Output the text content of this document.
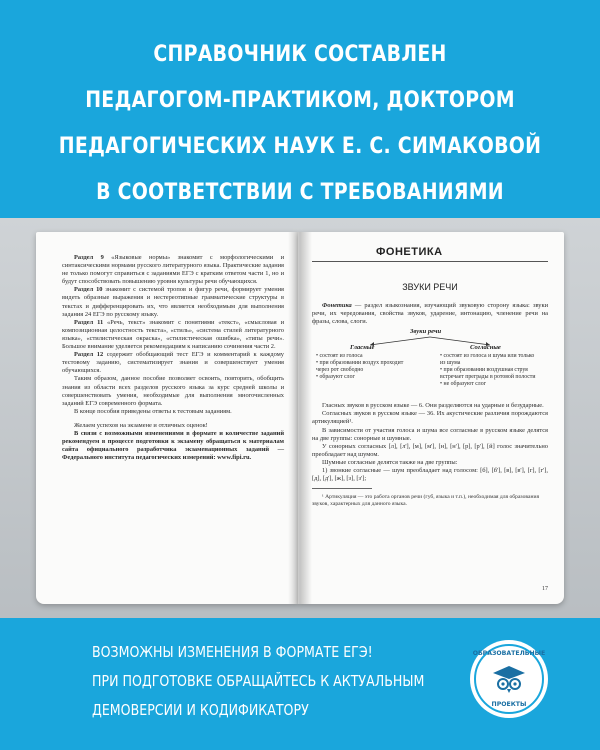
СПРАВОЧНИК СОСТАВЛЕН
ПЕДАГОГОМ-ПРАКТИКОМ, ДОКТОРОМ
ПЕДАГОГИЧЕСКИХ НАУК Е. С. СИМАКОВОЙ
В СООТВЕТСТВИИ С ТРЕБОВАНИЯМИ

Раздел 9 «Языковые нормы» знакомит с морфологическими и синтаксическими нормами русского литературного языка. Практические задания не только помогут справиться с заданиями ЕГЭ с кратким ответом части 1, но и будут способствовать повышению уровня культуры речи обучающихся.

Раздел 10 знакомит с системой тропов и фигур речи, формирует умения видеть образные выражения и нестереотипные грамматические структуры в текстах и дифференцировать их, что является необходимым для выполнения задания 24 ЕГЭ по русскому языку.

Раздел 11 «Речь, текст» знакомит с понятиями «текст», «смысловая и композиционная целостность текста», «стиль», «система стилей литературного языка», «стилистическая окраска», «стилистическая ошибка», «типы речи». Большое внимание уделяется рекомендациям к написанию сочинения части 2.

Раздел 12 содержит обобщающий тест ЕГЭ и комментарий к каждому тестовому заданию, систематизирует знания и совершенствует умения обучающихся.

Таким образом, данное пособие позволяет освоить, повторить, обобщить знания из области всех разделов русского языка за курс средней школы и совершенствовать умения, необходимые для выполнения многочисленных заданий ЕГЭ современного формата.

В конце пособия приведены ответы к тестовым заданиям.

Желаем успехов на экзамене и отличных оценок!

В связи с возможными изменениями в формате и количестве заданий рекомендуем в процессе подготовки к экзамену обращаться к материалам сайта официального разработчика экзаменационных заданий — Федерального института педагогических измерений: www.fipi.ru.

ФОНЕТИКА
ЗВУКИ РЕЧИ

Фонетика — раздел языкознания, изучающий звуковую сторону языка: звуки речи, их чередования, свойства звуков, ударение, интонацию, членение речи на фразы, слова, слоги.

Звуки речи
Гласные	Согласные
• состоят из голоса
• при образовании воздух проходит через рот свободно
• образуют слог
• состоят из голоса и шума или только из шума
• при образовании воздушная струя встречает преграды в ротовой полости
• не образуют слог

Гласных звуков в русском языке — 6. Они разделяются на ударные и безударные.

Согласных звуков в русском языке — 36. Их акустические различия порождаются артикуляцией¹.

В зависимости от участия голоса и шума все согласные в русском языке делятся на две группы: сонорные и шумные.

У сонорных согласных [л], [л'], [м], [м'], [н], [н'], [р], [р'], [й] голос значительно преобладает над шумом.

Шумные согласные делятся также на две группы:

1) звонкие согласные — шум преобладает над голосом: [б], [б'], [в], [в'], [г], [г'], [д], [д'], [ж], [з], [з'];

¹ Артикуляция — это работа органов речи (губ, языка и т.п.), необходимая для образования звуков, характерных для данного языка.
17
ВОЗМОЖНЫ ИЗМЕНЕНИЯ В ФОРМАТЕ ЕГЭ!
ПРИ ПОДГОТОВКЕ ОБРАЩАЙТЕСЬ К АКТУАЛЬНЫМ
ДЕМОВЕРСИИ И КОДИФИКАТОРУ
ОБРАЗОВАТЕЛЬНЫЕ
ПРОЕКТЫ
